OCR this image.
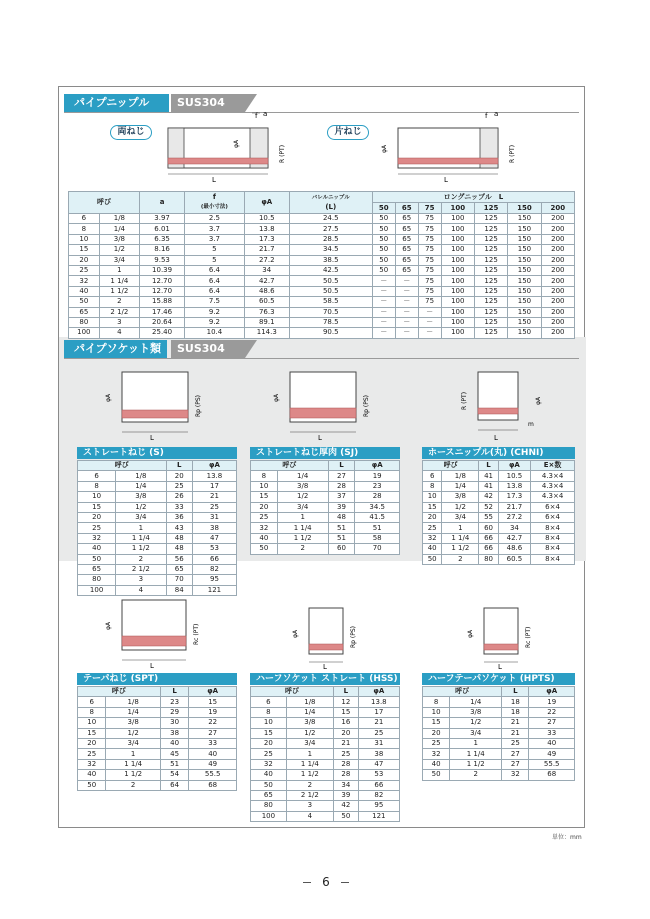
パイプニップル	SUS304
両ねじ	片ねじ
L
f a
φA
R (PT)
L
f a
φA	R (PT)
呼び		a	f
(最小寸法)	φA	バレルニップル
(L)	ロングニップル　L						
						50	65	75	100	125	150	200
6	1/8	3.97	2.5	10.5	24.5	50	65	75	100	125	150	200
8	1/4	6.01	3.7	13.8	27.5	50	65	75	100	125	150	200
10	3/8	6.35	3.7	17.3	28.5	50	65	75	100	125	150	200
15	1/2	8.16	5	21.7	34.5	50	65	75	100	125	150	200
20	3/4	9.53	5	27.2	38.5	50	65	75	100	125	150	200
25	1	10.39	6.4	34	42.5	50	65	75	100	125	150	200
32	1 1/4	12.70	6.4	42.7	50.5	－	－	75	100	125	150	200
40	1 1/2	12.70	6.4	48.6	50.5	－	－	75	100	125	150	200
50	2	15.88	7.5	60.5	58.5	－	－	75	100	125	150	200
65	2 1/2	17.46	9.2	76.3	70.5	－	－	－	100	125	150	200
80	3	20.64	9.2	89.1	78.5	－	－	－	100	125	150	200
100	4	25.40	10.4	114.3	90.5	－	－	－	100	125	150	200
パイプソケット類	SUS304
L
φA	Rp (PS)
L
φA	Rp (PS)
L
R (PT)	φA
m
ストレートねじ (S)
呼び		L	φA
6	1/8	20	13.8
8	1/4	25	17
10	3/8	26	21
15	1/2	33	25
20	3/4	36	31
25	1	43	38
32	1 1/4	48	47
40	1 1/2	48	53
50	2	56	66
65	2 1/2	65	82
80	3	70	95
100	4	84	121
ストレートねじ厚肉 (SJ)
呼び		L	φA
8	1/4	27	19
10	3/8	28	23
15	1/2	37	28
20	3/4	39	34.5
25	1	48	41.5
32	1 1/4	51	51
40	1 1/2	51	58
50	2	60	70
ホースニップル(丸) (CHNI)
呼び		L	φA	E×数
6	1/8	41	10.5	4.3×4
8	1/4	41	13.8	4.3×4
10	3/8	42	17.3	4.3×4
15	1/2	52	21.7	6×4
20	3/4	55	27.2	6×4
25	1	60	34	8×4
32	1 1/4	66	42.7	8×4
40	1 1/2	66	48.6	8×4
50	2	80	60.5	8×4
L
φA	Rc (PT)
L
φA	Rp (PS)
L
φA	Rc (PT)
テーパねじ (SPT)
呼び		L	φA
6	1/8	23	15
8	1/4	29	19
10	3/8	30	22
15	1/2	38	27
20	3/4	40	33
25	1	45	40
32	1 1/4	51	49
40	1 1/2	54	55.5
50	2	64	68
ハーフソケット ストレート (HSS)
呼び		L	φA
6	1/8	12	13.8
8	1/4	15	17
10	3/8	16	21
15	1/2	20	25
20	3/4	21	31
25	1	25	38
32	1 1/4	28	47
40	1 1/2	28	53
50	2	34	66
65	2 1/2	39	82
80	3	42	95
100	4	50	121
ハーフテーパソケット (HPTS)
呼び		L	φA
8	1/4	18	19
10	3/8	18	22
15	1/2	21	27
20	3/4	21	33
25	1	25	40
32	1 1/4	27	49
40	1 1/2	27	55.5
50	2	32	68
単位：mm
6
